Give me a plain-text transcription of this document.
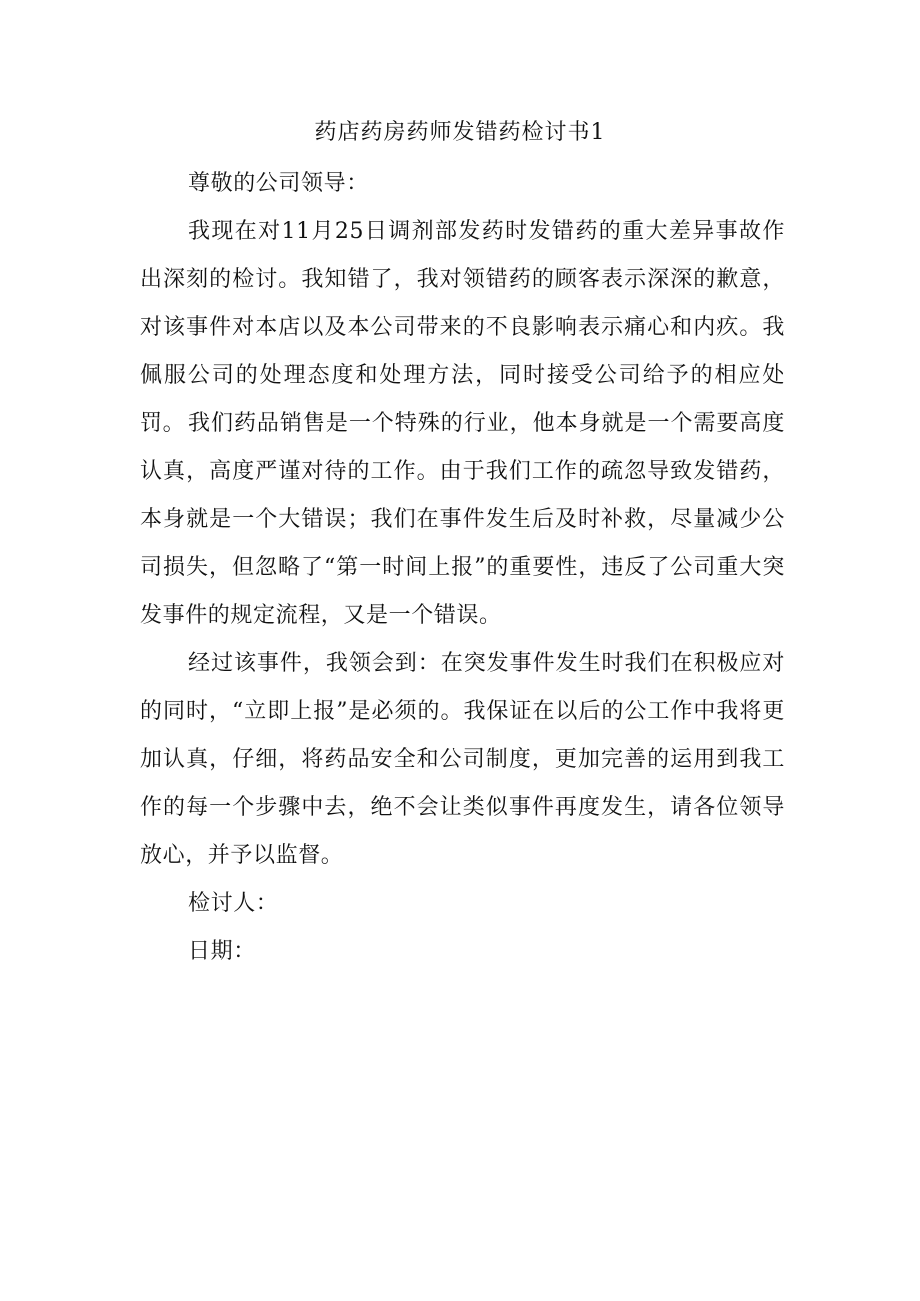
药店药房药师发错药检讨书1

尊敬的公司领导：

我现在对11月25日调剂部发药时发错药的重大差异事故作出深刻的检讨。我知错了，我对领错药的顾客表示深深的歉意，对该事件对本店以及本公司带来的不良影响表示痛心和内疚。我佩服公司的处理态度和处理方法，同时接受公司给予的相应处罚。 我们药品销售是一个特殊的行业，他本身就是一个需要高度认真，高度严谨对待的工作。由于我们工作的疏忽导致发错药，本身就是一个大错误；我们在事件发生后及时补救，尽量减少公司损失，但忽略了“第一时间上报”的重要性，违反了公司重大突发事件的规定流程，又是一个错误。

经过该事件，我领会到：在突发事件发生时我们在积极应对的同时，“立即上报”是必须的。我保证在以后的公工作中我将更加认真，仔细，将药品安全和公司制度，更加完善的运用到我工作的每一个步骤中去，绝不会让类似事件再度发生，请各位领导放心，并予以监督。

检讨人：

日期：
